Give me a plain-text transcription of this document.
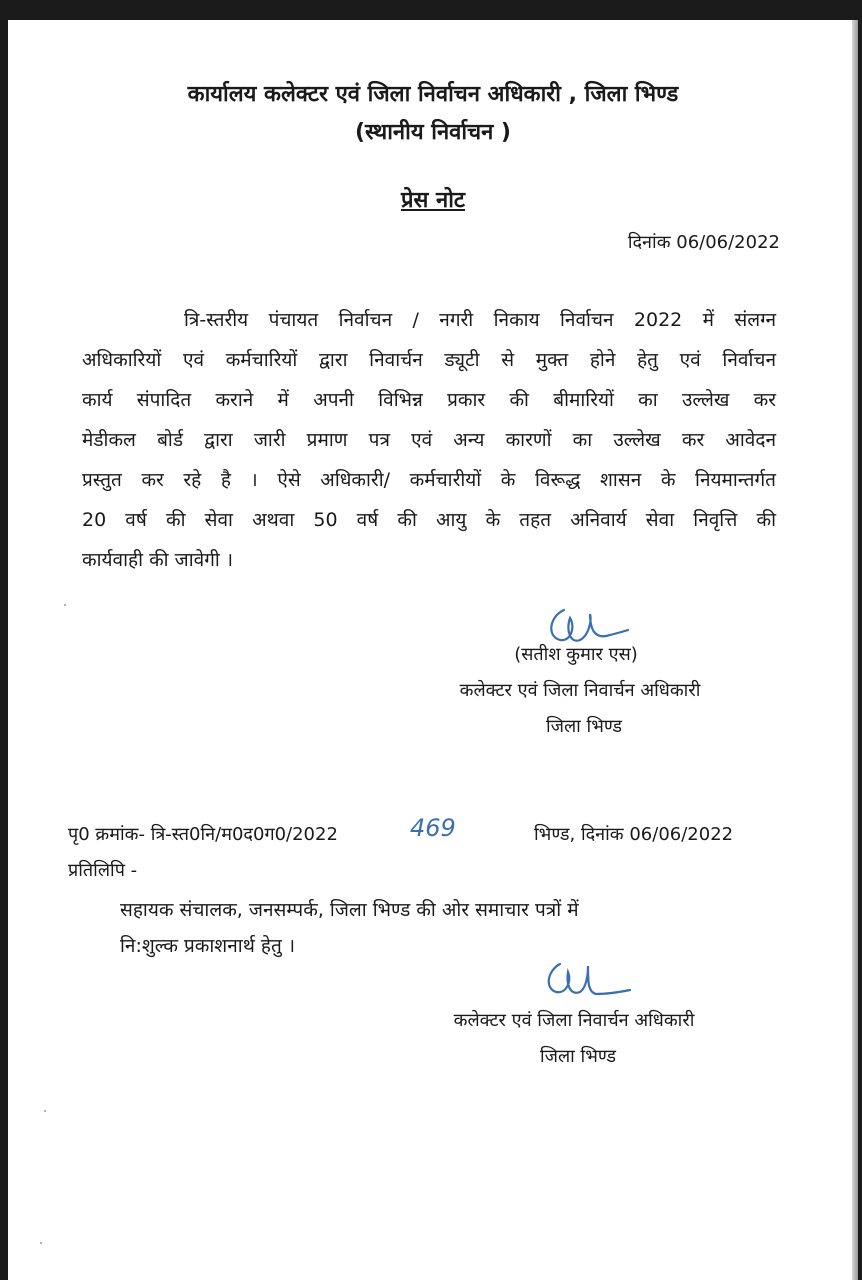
कार्यालय कलेक्टर एवं जिला निर्वाचन अधिकारी , जिला भिण्ड
(स्थानीय निर्वाचन )
प्रेस नोट
दिनांक 06/06/2022
त्रि-स्तरीय पंचायत निर्वाचन / नगरी निकाय निर्वाचन 2022 में संलग्न
अधिकारियों एवं कर्मचारियों द्वारा निवार्चन ड्यूटी से मुक्त होने हेतु एवं निर्वाचन
कार्य संपादित कराने में अपनी विभिन्न प्रकार की बीमारियों का उल्लेख कर
मेडीकल बोर्ड द्वारा जारी प्रमाण पत्र एवं अन्य कारणों का उल्लेख कर आवेदन
प्रस्तुत कर रहे है । ऐसे अधिकारी/ कर्मचारीयों के विरूद्ध शासन के नियमान्तर्गत
20 वर्ष की सेवा अथवा 50 वर्ष की आयु के तहत अनिवार्य सेवा निवृत्ति की
कार्यवाही की जावेगी ।
(सतीश कुमार एस)
कलेक्टर एवं जिला निवार्चन अधिकारी
जिला भिण्ड
पृ0 क्रमांक- त्रि-स्त0नि/म0द0ग0/2022	469	भिण्ड, दिनांक 06/06/2022
प्रतिलिपि -
सहायक संचालक, जनसम्पर्क, जिला भिण्ड की ओर समाचार पत्रों में
नि:शुल्क प्रकाशनार्थ हेतु ।
कलेक्टर एवं जिला निवार्चन अधिकारी
जिला भिण्ड
